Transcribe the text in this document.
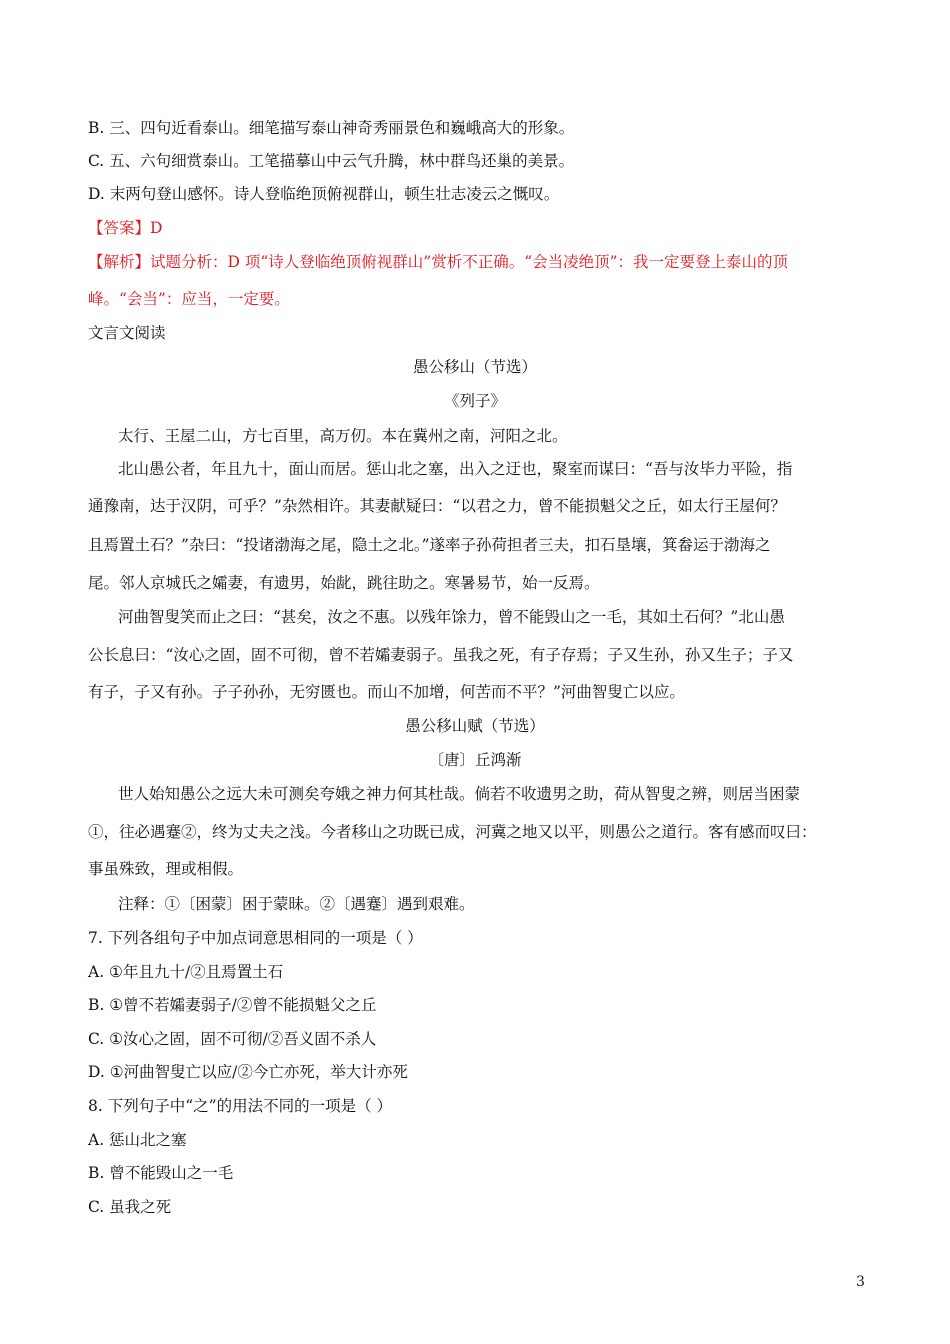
B. 三、四句近看泰山。细笔描写泰山神奇秀丽景色和巍峨高大的形象。
C. 五、六句细赏泰山。工笔描摹山中云气升腾，林中群鸟还巢的美景。
D. 末两句登山感怀。诗人登临绝顶俯视群山，顿生壮志凌云之慨叹。
【答案】D
【解析】试题分析：D 项“诗人登临绝顶俯视群山”赏析不正确。“会当凌绝顶”：我一定要登上泰山的顶
峰。“会当”：应当，一定要。
文言文阅读
愚公移山（节选）
《列子》
太行、王屋二山，方七百里，高万仞。本在冀州之南，河阳之北。
北山愚公者，年且九十，面山而居。惩山北之塞，出入之迂也，聚室而谋曰：“吾与汝毕力平险，指
通豫南，达于汉阴，可乎？”杂然相许。其妻献疑曰：“以君之力，曾不能损魁父之丘，如太行王屋何？
且焉置土石？”杂曰：“投诸渤海之尾，隐土之北。”遂率子孙荷担者三夫，扣石垦壤，箕畚运于渤海之
尾。邻人京城氏之孀妻，有遗男，始龀，跳往助之。寒暑易节，始一反焉。
河曲智叟笑而止之曰：“甚矣，汝之不惠。以残年馀力，曾不能毁山之一毛，其如土石何？”北山愚
公长息曰：“汝心之固，固不可彻，曾不若孀妻弱子。虽我之死，有子存焉；子又生孙，孙又生子；子又
有子，子又有孙。子子孙孙，无穷匮也。而山不加增，何苦而不平？”河曲智叟亡以应。
愚公移山赋（节选）
〔唐〕丘鸿渐
世人始知愚公之远大未可测矣夸娥之神力何其杜哉。倘若不收遗男之助，荷从智叟之辨，则居当困蒙
①，往必遇蹇②，终为丈夫之浅。今者移山之功既已成，河冀之地又以平，则愚公之道行。客有感而叹曰：
事虽殊致，理或相假。
注释：①〔困蒙〕困于蒙昧。②〔遇蹇〕遇到艰难。
7. 下列各组句子中加点词意思相同的一项是（ ）
A. ①年且九十/②且焉置土石
B. ①曾不若孀妻弱子/②曾不能损魁父之丘
C. ①汝心之固，固不可彻/②吾义固不杀人
D. ①河曲智叟亡以应/②今亡亦死，举大计亦死
8. 下列句子中“之”的用法不同的一项是（ ）
A. 惩山北之塞
B. 曾不能毁山之一毛
C. 虽我之死
3
